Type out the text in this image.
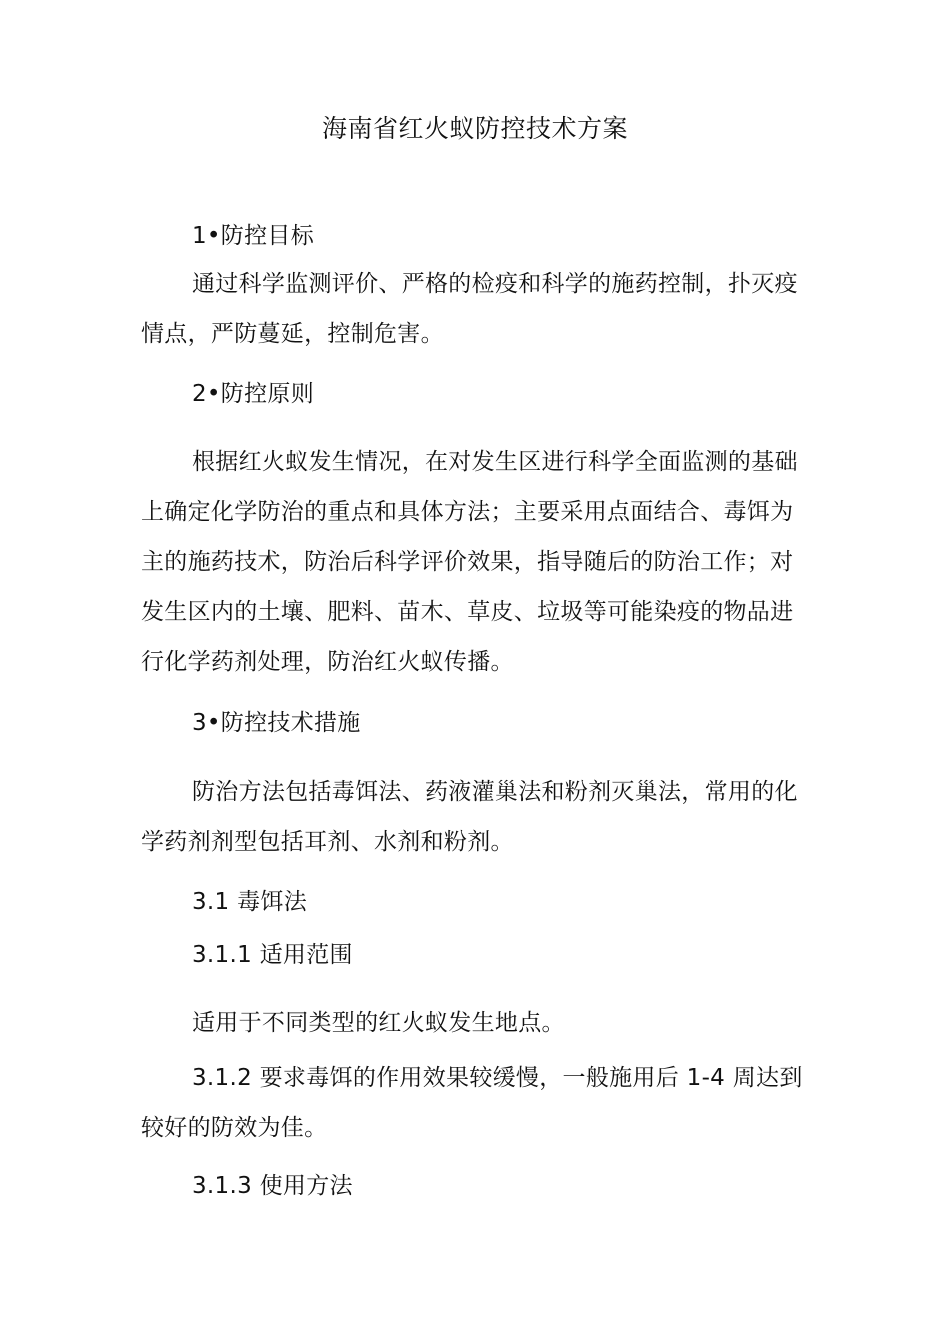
海南省红火蚁防控技术方案

1•防控目标

通过科学监测评价、严格的检疫和科学的施药控制，扑灭疫情点，严防蔓延，控制危害。

2•防控原则

根据红火蚁发生情况，在对发生区进行科学全面监测的基础上确定化学防治的重点和具体方法；主要采用点面结合、毒饵为主的施药技术，防治后科学评价效果，指导随后的防治工作；对发生区内的土壤、肥料、苗木、草皮、垃圾等可能染疫的物品进行化学药剂处理，防治红火蚁传播。

3•防控技术措施

防治方法包括毒饵法、药液灌巢法和粉剂灭巢法，常用的化学药剂剂型包括耳剂、水剂和粉剂。

3.1 毒饵法

3.1.1 适用范围

适用于不同类型的红火蚁发生地点。

3.1.2 要求毒饵的作用效果较缓慢，一般施用后 1-4 周达到较好的防效为佳。

3.1.3 使用方法
